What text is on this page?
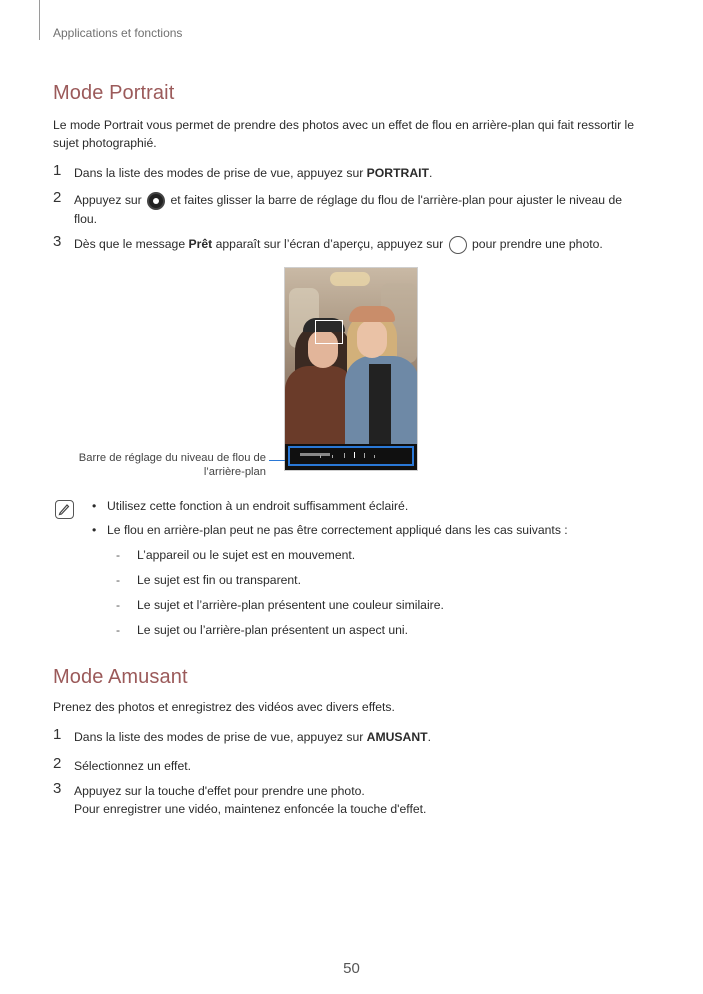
Applications et fonctions
Mode Portrait

Le mode Portrait vous permet de prendre des photos avec un effet de flou en arrière-plan qui fait ressortir le sujet photographié.

1 Dans la liste des modes de prise de vue, appuyez sur PORTRAIT.
2 Appuyez sur  et faites glisser la barre de réglage du flou de l'arrière-plan pour ajuster le niveau de flou.
3 Dès que le message Prêt apparaît sur l’écran d’aperçu, appuyez sur  pour prendre une photo.
Barre de réglage du niveau de flou de l’arrière-plan
• Utilisez cette fonction à un endroit suffisamment éclairé.
• Le flou en arrière-plan peut ne pas être correctement appliqué dans les cas suivants :
- L’appareil ou le sujet est en mouvement.
- Le sujet est fin ou transparent.
- Le sujet et l’arrière-plan présentent une couleur similaire.
- Le sujet ou l’arrière-plan présentent un aspect uni.
Mode Amusant

Prenez des photos et enregistrez des vidéos avec divers effets.

1 Dans la liste des modes de prise de vue, appuyez sur AMUSANT.
2 Sélectionnez un effet.
3 Appuyez sur la touche d'effet pour prendre une photo.
Pour enregistrer une vidéo, maintenez enfoncée la touche d'effet.
50
